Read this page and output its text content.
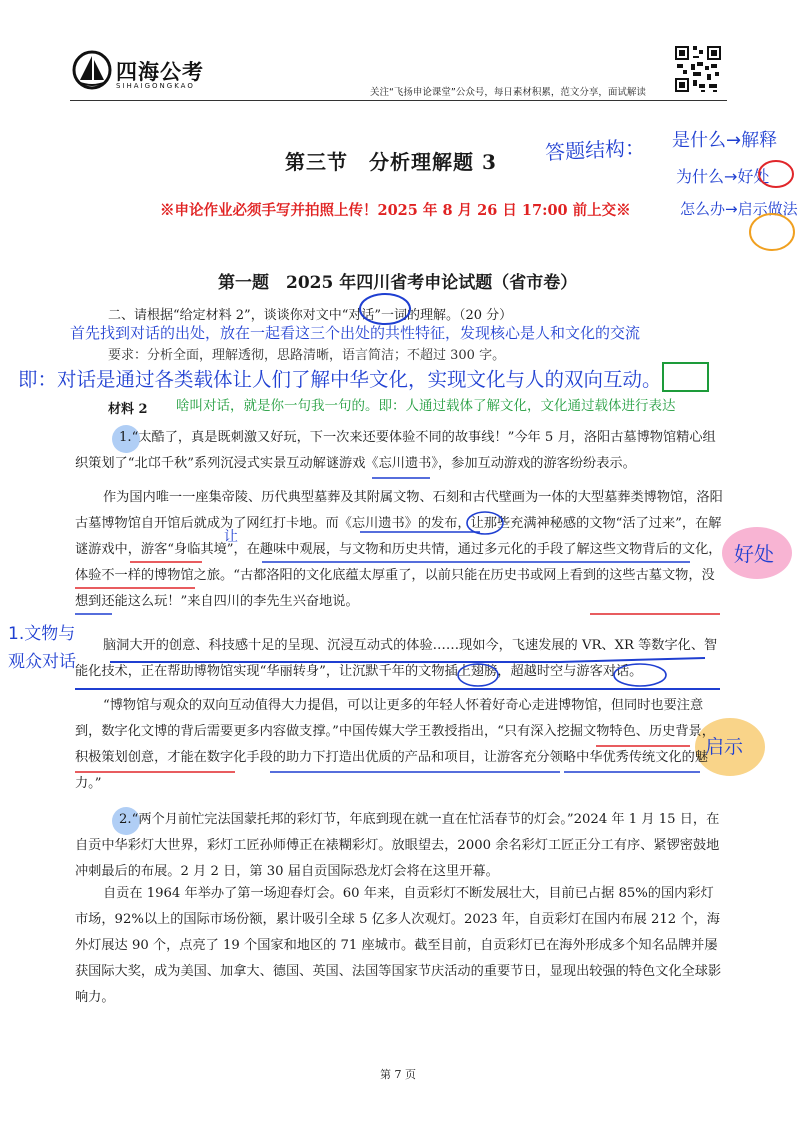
四海公考
SIHAIGONGKAO
关注“飞扬申论课堂”公众号，每日素材积累，范文分享，面试解读
第三节　分析理解题 3
※申论作业必须手写并拍照上传！2025 年 8 月 26 日 17:00 前上交※
第一题　2025 年四川省考申论试题（省市卷）
二、请根据“给定材料 2”，谈谈你对文中“对话”一词的理解。（20 分）
要求：分析全面，理解透彻，思路清晰，语言简洁；不超过 300 字。
材料 2
1.“太酷了，真是既刺激又好玩，下一次来还要体验不同的故事线！”今年 5 月，洛阳古墓博物馆精心组织策划了“北邙千秋”系列沉浸式实景互动解谜游戏《忘川遗书》，参加互动游戏的游客纷纷表示。
作为国内唯一一座集帝陵、历代典型墓葬及其附属文物、石刻和古代壁画为一体的大型墓葬类博物馆，洛阳古墓博物馆自开馆后就成为了网红打卡地。而《忘川遗书》的发布，让那些充满神秘感的文物“活了过来”，在解谜游戏中，游客“身临其境”，在趣味中观展，与文物和历史共情，通过多元化的手段了解这些文物背后的文化，体验不一样的博物馆之旅。“古都洛阳的文化底蕴太厚重了，以前只能在历史书或网上看到的这些古墓文物，没想到还能这么玩！”来自四川的李先生兴奋地说。
脑洞大开的创意、科技感十足的呈现、沉浸互动式的体验……现如今，飞速发展的 VR、XR 等数字化、智能化技术，正在帮助博物馆实现“华丽转身”，让沉默千年的文物插上翅膀，超越时空与游客对话。
“博物馆与观众的双向互动值得大力提倡，可以让更多的年轻人怀着好奇心走进博物馆，但同时也要注意到，数字化文博的背后需要更多内容做支撑。”中国传媒大学王教授指出，“只有深入挖掘文物特色、历史背景，积极策划创意，才能在数字化手段的助力下打造出优质的产品和项目，让游客充分领略中华优秀传统文化的魅力。”
2.“两个月前忙完法国蒙托邦的彩灯节，年底到现在就一直在忙活春节的灯会。”2024 年 1 月 15 日，在自贡中华彩灯大世界，彩灯工匠孙师傅正在裱糊彩灯。放眼望去，2000 余名彩灯工匠正分工有序、紧锣密鼓地冲刺最后的布展。2 月 2 日，第 30 届自贡国际恐龙灯会将在这里开幕。
自贡在 1964 年举办了第一场迎春灯会。60 年来，自贡彩灯不断发展壮大，目前已占据 85%的国内彩灯市场，92%以上的国际市场份额，累计吸引全球 5 亿多人次观灯。2023 年，自贡彩灯在国内布展 212 个，海外灯展达 90 个，点亮了 19 个国家和地区的 71 座城市。截至目前，自贡彩灯已在海外形成多个知名品牌并屡获国际大奖，成为美国、加拿大、德国、英国、法国等国家节庆活动的重要节日，显现出较强的特色文化全球影响力。
第 7 页
答题结构： 是什么→解释
为什么→好处
怎么办→启示做法
首先找到对话的出处，放在一起看这三个出处的共性特征，发现核心是人和文化的交流
即：对话是通过各类载体让人们了解中华文化，实现文化与人的双向互动。
啥叫对话，就是你一句我一句的。即：人通过载体了解文化，文化通过载体进行表达
好处
1.文物与观众对话
启示
让
